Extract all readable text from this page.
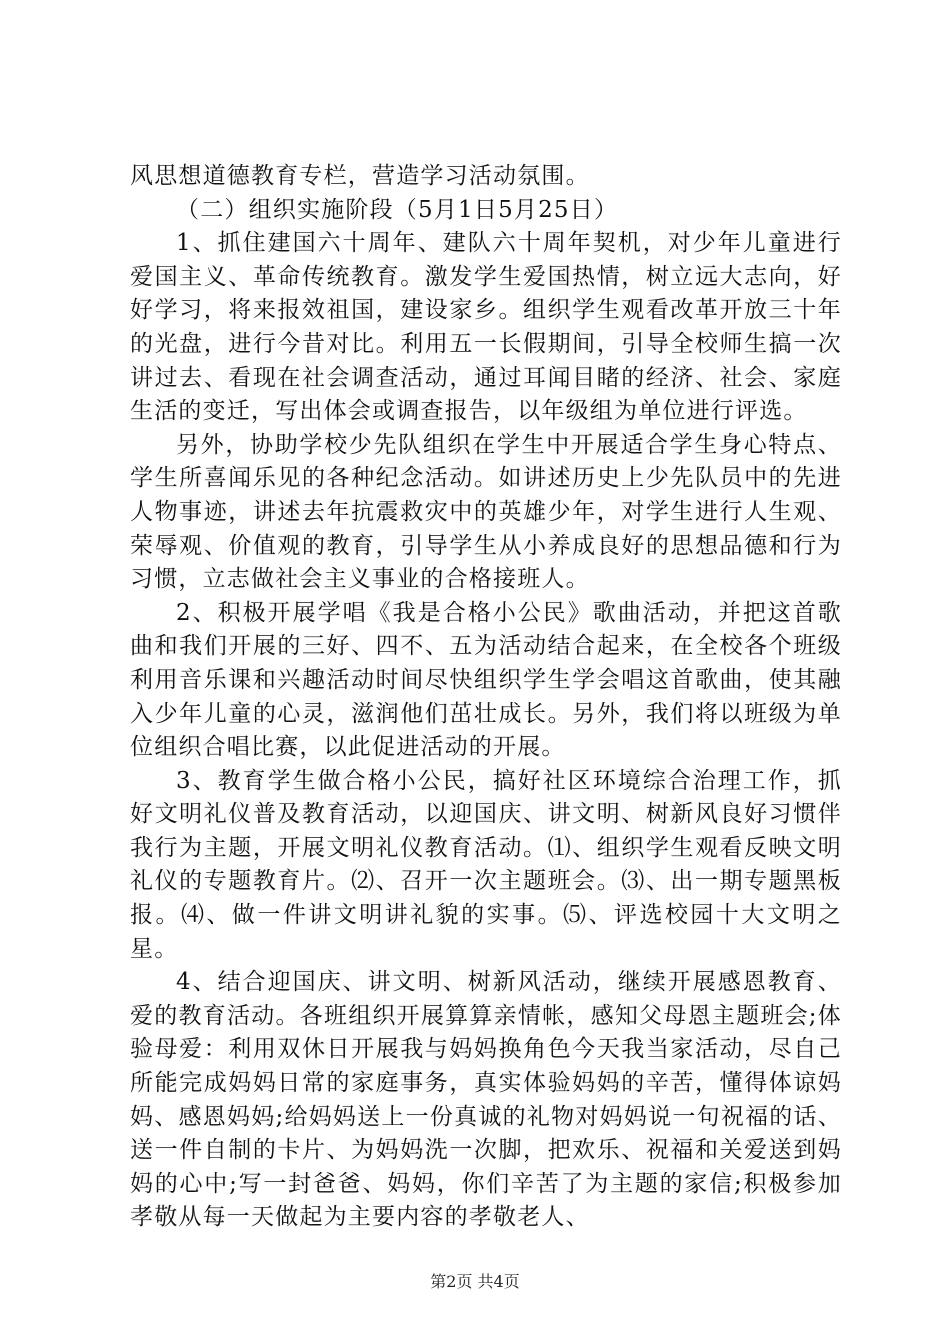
风思想道德教育专栏，营造学习活动氛围。

（二）组织实施阶段（5月1日5月25日）

1、抓住建国六十周年、建队六十周年契机，对少年儿童进行爱国主义、革命传统教育。激发学生爱国热情，树立远大志向，好好学习，将来报效祖国，建设家乡。组织学生观看改革开放三十年的光盘，进行今昔对比。利用五一长假期间，引导全校师生搞一次讲过去、看现在社会调查活动，通过耳闻目睹的经济、社会、家庭生活的变迁，写出体会或调查报告，以年级组为单位进行评选。

另外，协助学校少先队组织在学生中开展适合学生身心特点、学生所喜闻乐见的各种纪念活动。如讲述历史上少先队员中的先进人物事迹，讲述去年抗震救灾中的英雄少年，对学生进行人生观、荣辱观、价值观的教育，引导学生从小养成良好的思想品德和行为习惯，立志做社会主义事业的合格接班人。

2、积极开展学唱《我是合格小公民》歌曲活动，并把这首歌曲和我们开展的三好、四不、五为活动结合起来，在全校各个班级利用音乐课和兴趣活动时间尽快组织学生学会唱这首歌曲，使其融入少年儿童的心灵，滋润他们茁壮成长。另外，我们将以班级为单位组织合唱比赛，以此促进活动的开展。

3、教育学生做合格小公民，搞好社区环境综合治理工作，抓好文明礼仪普及教育活动，以迎国庆、讲文明、树新风良好习惯伴我行为主题，开展文明礼仪教育活动。⑴、组织学生观看反映文明礼仪的专题教育片。⑵、召开一次主题班会。⑶、出一期专题黑板报。⑷、做一件讲文明讲礼貌的实事。⑸、评选校园十大文明之星。

4、结合迎国庆、讲文明、树新风活动，继续开展感恩教育、爱的教育活动。各班组织开展算算亲情帐，感知父母恩主题班会;体验母爱：利用双休日开展我与妈妈换角色今天我当家活动，尽自己所能完成妈妈日常的家庭事务，真实体验妈妈的辛苦，懂得体谅妈妈、感恩妈妈;给妈妈送上一份真诚的礼物对妈妈说一句祝福的话、送一件自制的卡片、为妈妈洗一次脚，把欢乐、祝福和关爱送到妈妈的心中;写一封爸爸、妈妈，你们辛苦了为主题的家信;积极参加孝敬从每一天做起为主要内容的孝敬老人、

第2页 共4页
